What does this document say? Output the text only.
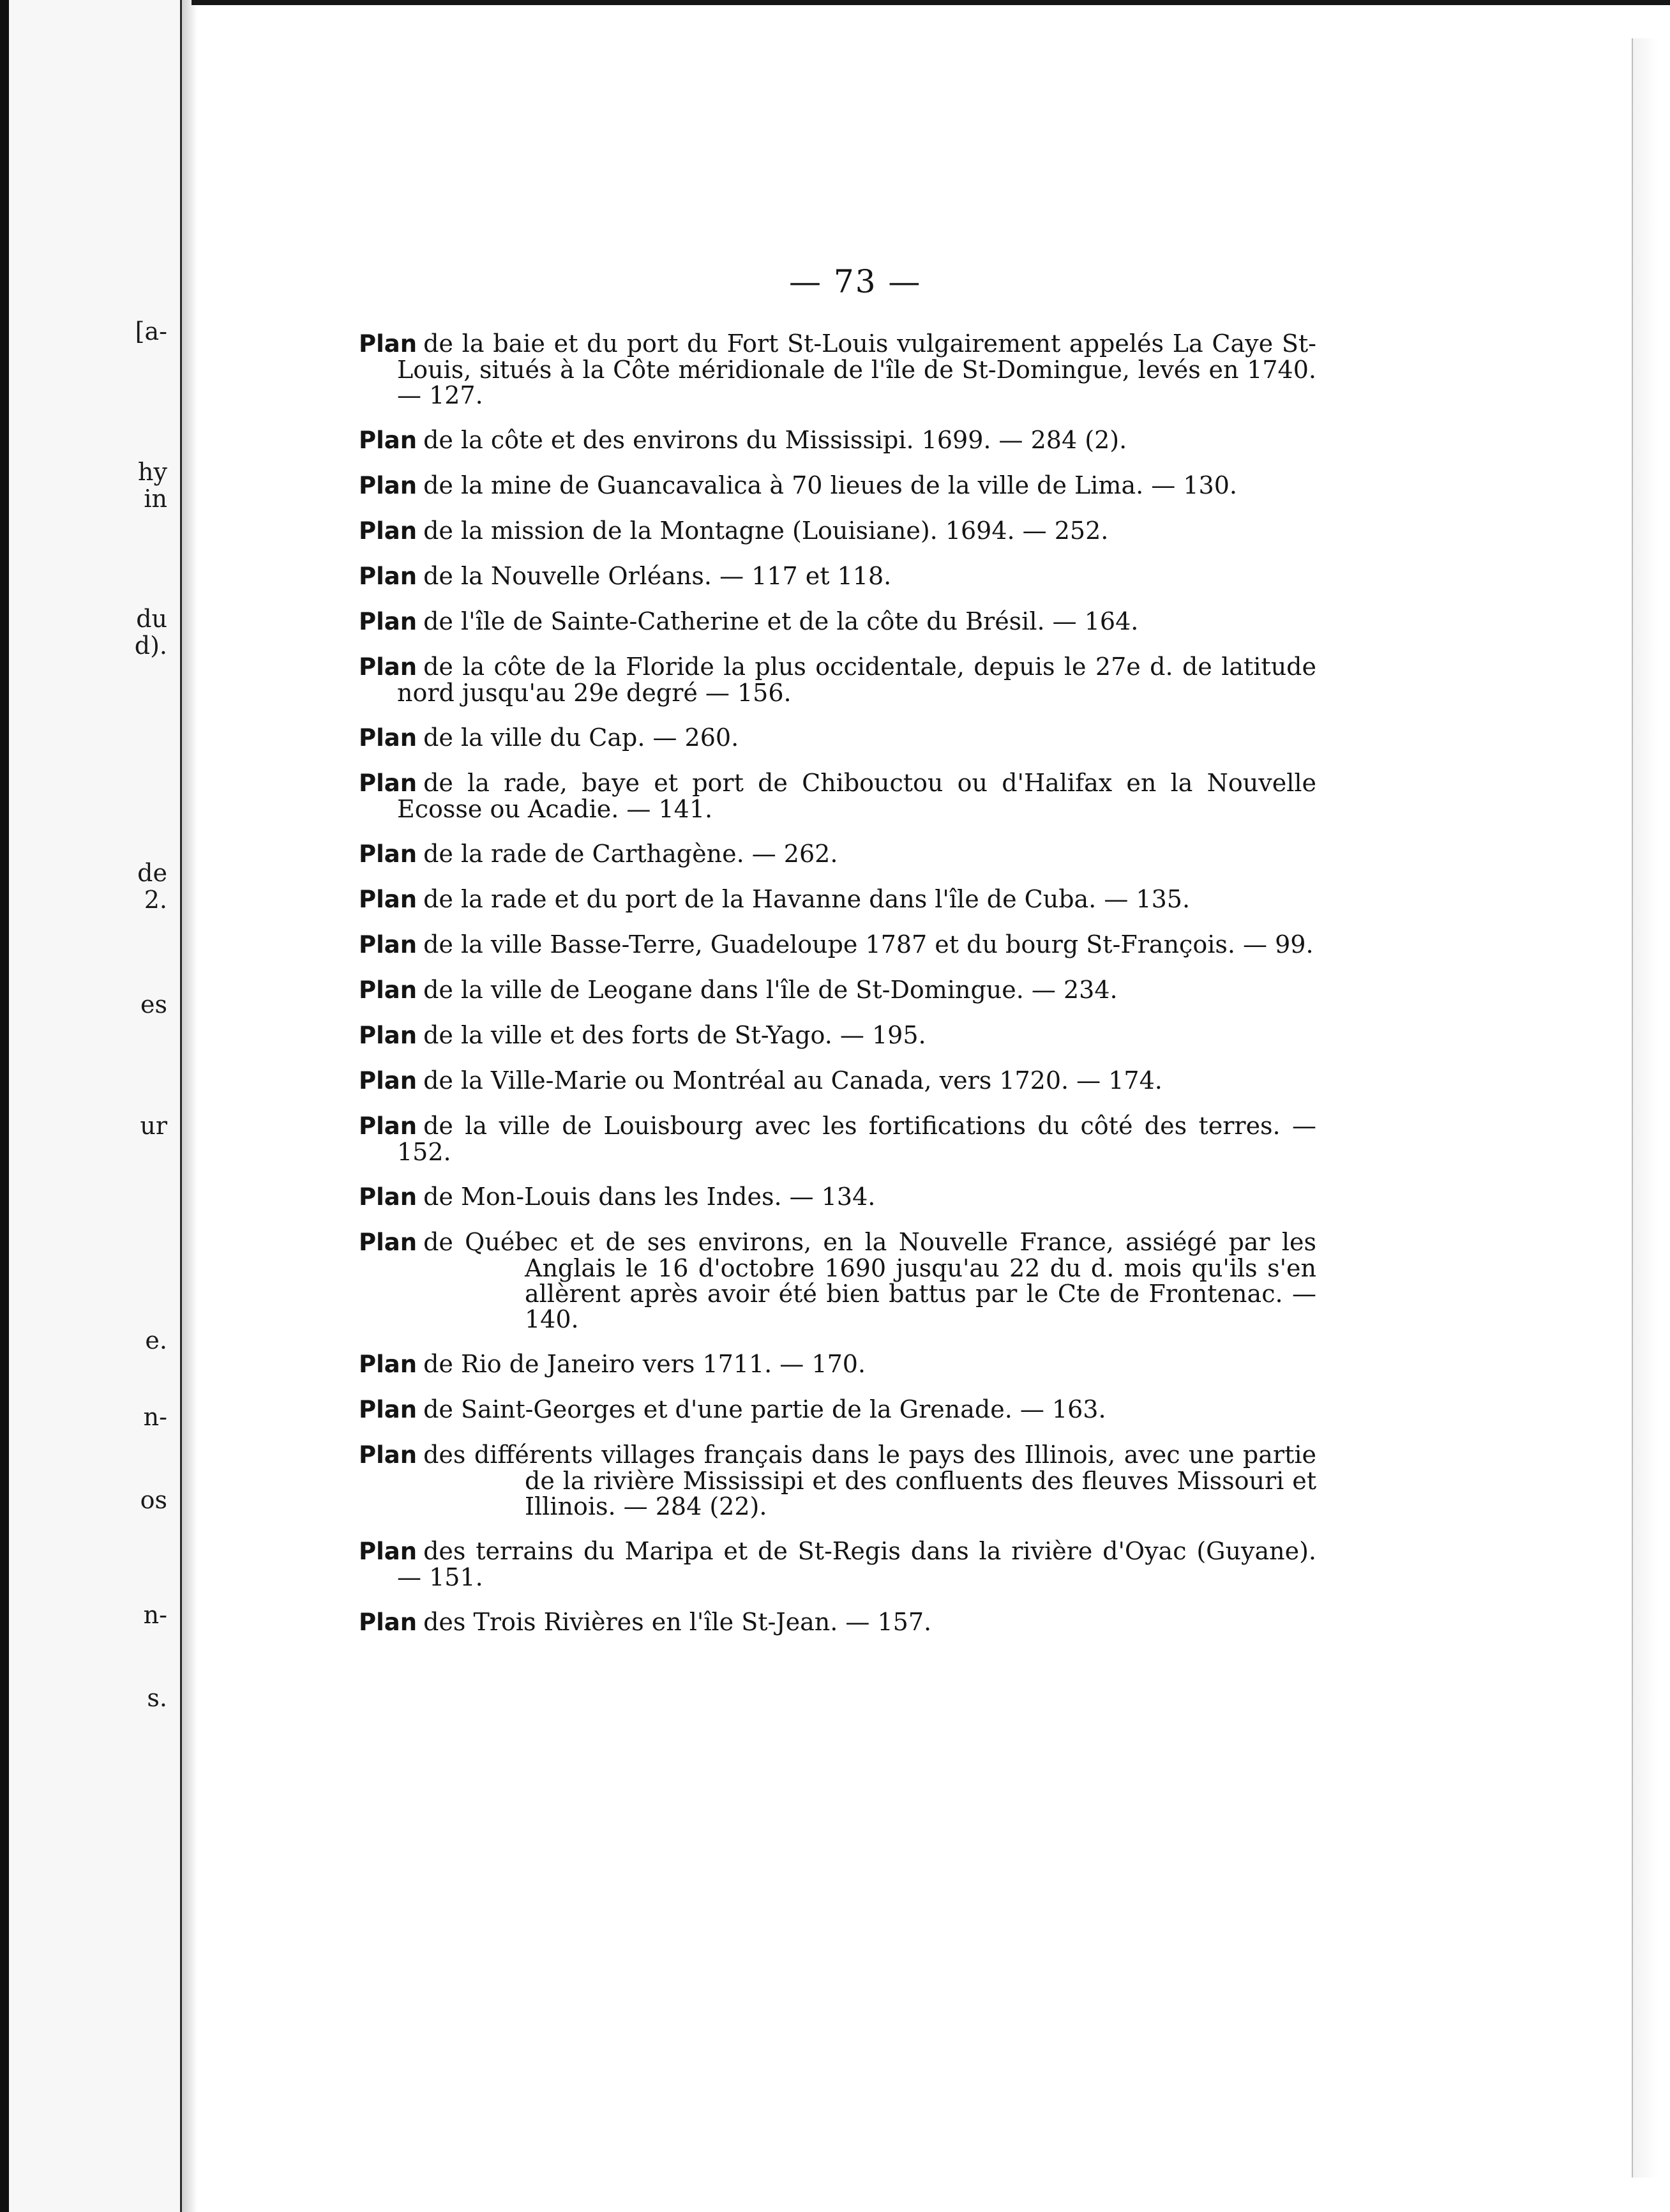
[a-
hy
in
du
d).
de
2.
es
ur
e.
n-
os
n-
s.
— 73 —
Plan de la baie et du port du Fort St-Louis vulgairement appelés La Caye St-Louis, situés à la Côte méridionale de l'île de St-Domingue, levés en 1740. — 127.
Plan de la côte et des environs du Mississipi. 1699. — 284 (2).
Plan de la mine de Guancavalica à 70 lieues de la ville de Lima. — 130.
Plan de la mission de la Montagne (Louisiane). 1694. — 252.
Plan de la Nouvelle Orléans. — 117 et 118.
Plan de l'île de Sainte-Catherine et de la côte du Brésil. — 164.
Plan de la côte de la Floride la plus occidentale, depuis le 27e d. de latitude nord jusqu'au 29e degré — 156.
Plan de la ville du Cap. — 260.
Plan de la rade, baye et port de Chibouctou ou d'Halifax en la Nouvelle Ecosse ou Acadie. — 141.
Plan de la rade de Carthagène. — 262.
Plan de la rade et du port de la Havanne dans l'île de Cuba. — 135.
Plan de la ville Basse-Terre, Guadeloupe 1787 et du bourg St-François. — 99.
Plan de la ville de Leogane dans l'île de St-Domingue. — 234.
Plan de la ville et des forts de St-Yago. — 195.
Plan de la Ville-Marie ou Montréal au Canada, vers 1720. — 174.
Plan de la ville de Louisbourg avec les fortifications du côté des terres. — 152.
Plan de Mon-Louis dans les Indes. — 134.
Plan de Québec et de ses environs, en la Nouvelle France, assiégé par les Anglais le 16 d'octobre 1690 jusqu'au 22 du d. mois qu'ils s'en allèrent après avoir été bien battus par le Cte de Frontenac. — 140.
Plan de Rio de Janeiro vers 1711. — 170.
Plan de Saint-Georges et d'une partie de la Grenade. — 163.
Plan des différents villages français dans le pays des Illinois, avec une partie de la rivière Mississipi et des confluents des fleuves Missouri et Illinois. — 284 (22).
Plan des terrains du Maripa et de St-Regis dans la rivière d'Oyac (Guyane). — 151.
Plan des Trois Rivières en l'île St-Jean. — 157.
